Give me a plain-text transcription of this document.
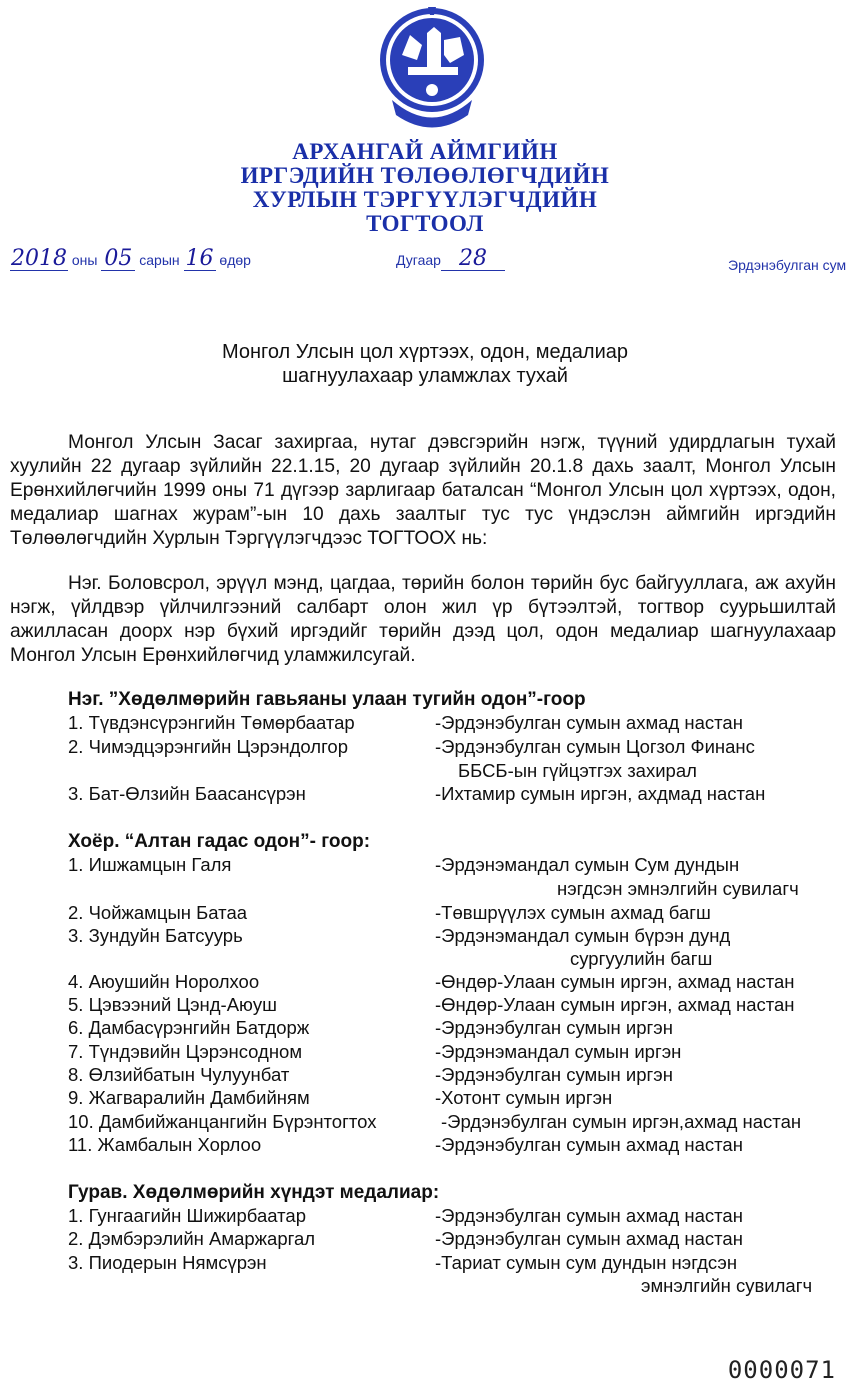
АРХАНГАЙ АЙМГИЙН
ИРГЭДИЙН ТӨЛӨӨЛӨГЧДИЙН
ХУРЛЫН ТЭРГҮҮЛЭГЧДИЙН
ТОГТООЛ
2018 оны 05 сарын 16 өдөр	Дугаар 28	Эрдэнэбулган сум
Монгол Улсын цол хүртээх, одон, медалиар
шагнуулахаар уламжлах тухай

Монгол Улсын Засаг захиргаа, нутаг дэвсгэрийн нэгж, түүний удирдлагын тухай хуулийн 22 дугаар зүйлийн 22.1.15, 20 дугаар зүйлийн 20.1.8 дахь заалт, Монгол Улсын Ерөнхийлөгчийн 1999 оны 71 дүгээр зарлигаар баталсан “Монгол Улсын цол хүртээх, одон, медалиар шагнах журам”-ын 10 дахь заалтыг тус тус үндэслэн аймгийн иргэдийн Төлөөлөгчдийн Хурлын Тэргүүлэгчдээс ТОГТООХ нь:

Нэг. Боловсрол, эрүүл мэнд, цагдаа, төрийн болон төрийн бус байгууллага, аж ахуйн нэгж, үйлдвэр үйлчилгээний салбарт олон жил үр бүтээлтэй, тогтвор суурьшилтай ажилласан доорх нэр бүхий иргэдийг төрийн дээд цол, одон медалиар шагнуулахаар Монгол Улсын Ерөнхийлөгчид уламжилсугай.

Нэг. ”Хөдөлмөрийн гавьяаны улаан тугийн одон”-гоор
1. Түвдэнсүрэнгийн Төмөрбаатар	-Эрдэнэбулган сумын ахмад настан
2. Чимэдцэрэнгийн Цэрэндолгор	-Эрдэнэбулган сумын Цогзол Финанс
ББСБ-ын гүйцэтгэх захирал
3. Бат-Өлзийн Баасансүрэн	-Ихтамир сумын иргэн, ахдмад настан
Хоёр. “Алтан гадас одон”- гоор:
1. Ишжамцын Галя	-Эрдэнэмандал сумын Сум дундын
нэгдсэн эмнэлгийн сувилагч
2. Чойжамцын Батаа	-Төвшрүүлэх сумын ахмад багш
3. Зундуйн Батсуурь	-Эрдэнэмандал сумын бүрэн дунд
сургуулийн багш
4. Аюушийн Норолхоо	-Өндөр-Улаан сумын иргэн, ахмад настан
5. Цэвээний Цэнд-Аюуш	-Өндөр-Улаан сумын иргэн, ахмад настан
6. Дамбасүрэнгийн Батдорж	-Эрдэнэбулган сумын иргэн
7. Түндэвийн Цэрэнсодном	-Эрдэнэмандал сумын иргэн
8. Өлзийбатын Чулуунбат	-Эрдэнэбулган сумын иргэн
9. Жагваралийн Дамбийням	-Хотонт сумын иргэн
10. Дамбийжанцангийн Бүрэнтогтох	-Эрдэнэбулган сумын иргэн,ахмад настан
11. Жамбалын Хорлоо	-Эрдэнэбулган сумын ахмад настан
Гурав. Хөдөлмөрийн хүндэт медалиар:
1. Гунгаагийн Шижирбаатар	-Эрдэнэбулган сумын ахмад настан
2. Дэмбэрэлийн Амаржаргал	-Эрдэнэбулган сумын ахмад настан
3. Пиодерын Нямсүрэн	-Тариат сумын сум дундын нэгдсэн
эмнэлгийн сувилагч
0000071
